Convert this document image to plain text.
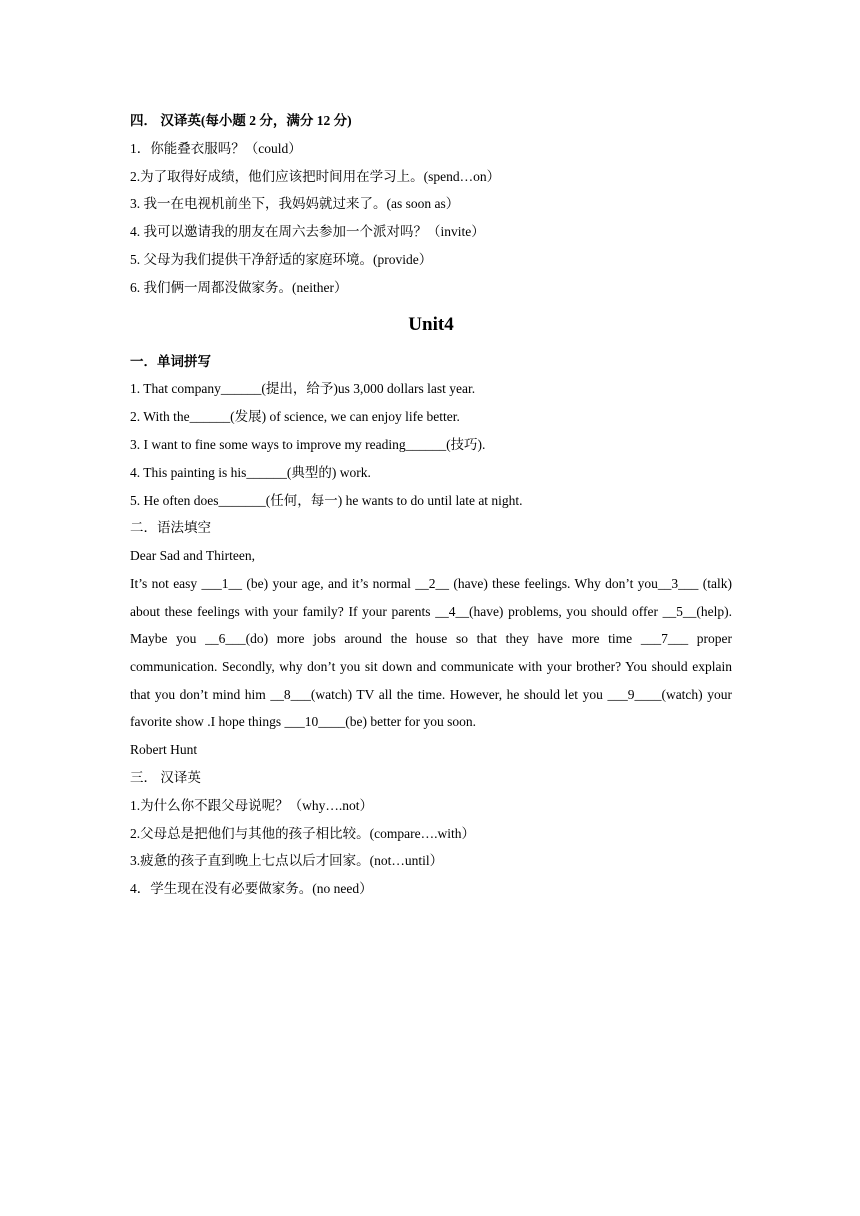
四． 汉译英(每小题 2 分，满分 12 分)
1．你能叠衣服吗？（could）
2.为了取得好成绩，他们应该把时间用在学习上。(spend…on）
3. 我一在电视机前坐下，我妈妈就过来了。(as soon as）
4. 我可以邀请我的朋友在周六去参加一个派对吗？（invite）
5. 父母为我们提供干净舒适的家庭环境。(provide）
6. 我们俩一周都没做家务。(neither）
Unit4
一．单词拼写
1. That company______(提出，给予)us 3,000 dollars last year.
2. With the______(发展) of science, we can enjoy life better.
3. I want to fine some ways to improve my reading______(技巧).
4. This painting is his______(典型的) work.
5. He often does_______(任何，每一) he wants to do until late at night.
二．语法填空
Dear Sad and Thirteen,
It’s not easy ___1__ (be) your age, and it’s normal __2__ (have) these feelings. Why don’t you__3___ (talk) about these feelings with your family? If your parents __4__(have) problems, you should offer __5__(help). Maybe you __6___(do) more jobs around the house so that they have more time ___7___ proper communication. Secondly, why don’t you sit down and communicate with your brother? You should explain that you don’t mind him __8___(watch) TV all the time. However, he should let you ___9____(watch) your favorite show .I hope things ___10____(be) better for you soon.
Robert Hunt
三． 汉译英
1.为什么你不跟父母说呢？（why….not）
2.父母总是把他们与其他的孩子相比较。(compare….with）
3.疲惫的孩子直到晚上七点以后才回家。(not…until）
4．学生现在没有必要做家务。(no need）
